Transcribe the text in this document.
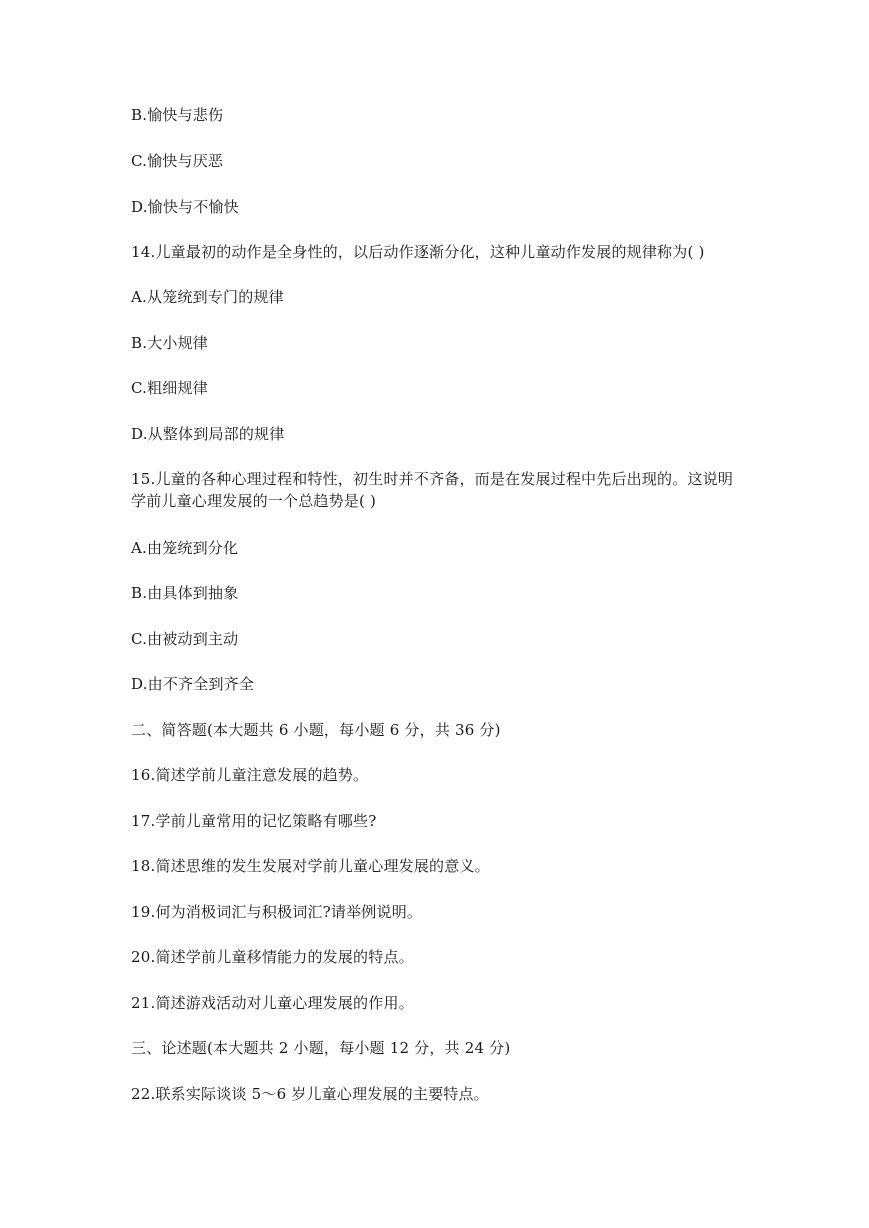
B.愉快与悲伤
C.愉快与厌恶
D.愉快与不愉快
14.儿童最初的动作是全身性的，以后动作逐渐分化，这种儿童动作发展的规律称为( )
A.从笼统到专门的规律
B.大小规律
C.粗细规律
D.从整体到局部的规律
15.儿童的各种心理过程和特性，初生时并不齐备，而是在发展过程中先后出现的。这说明
学前儿童心理发展的一个总趋势是( )
A.由笼统到分化
B.由具体到抽象
C.由被动到主动
D.由不齐全到齐全
二、简答题(本大题共 6 小题，每小题 6 分，共 36 分)
16.简述学前儿童注意发展的趋势。
17.学前儿童常用的记忆策略有哪些?
18.简述思维的发生发展对学前儿童心理发展的意义。
19.何为消极词汇与积极词汇?请举例说明。
20.简述学前儿童移情能力的发展的特点。
21.简述游戏活动对儿童心理发展的作用。
三、论述题(本大题共 2 小题，每小题 12 分，共 24 分)
22.联系实际谈谈 5～6 岁儿童心理发展的主要特点。
